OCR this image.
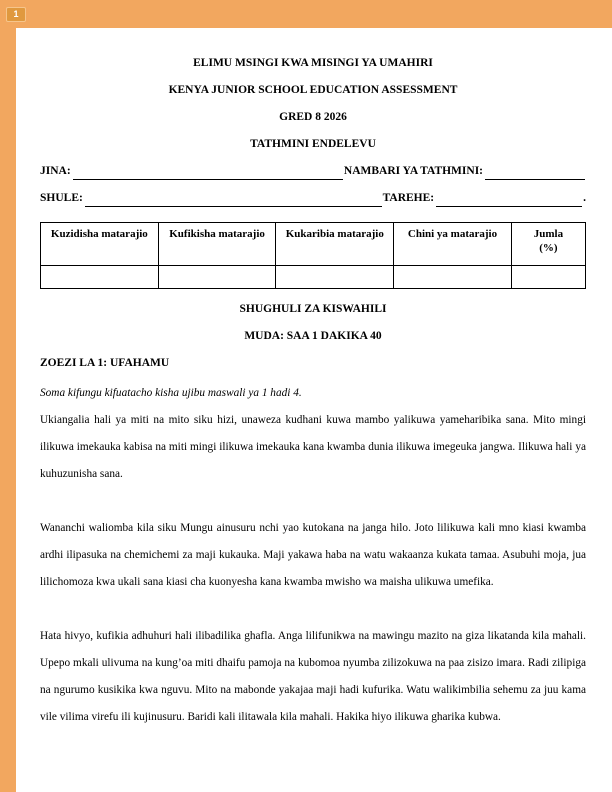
1
ELIMU MSINGI KWA MISINGI YA UMAHIRI
KENYA JUNIOR SCHOOL EDUCATION ASSESSMENT
GRED 8 2026
TATHMINI ENDELEVU
JINA:	NAMBARI YA TATHMINI:
SHULE:	TAREHE:	.
Kuzidisha matarajio	Kufikisha matarajio	Kukaribia matarajio	Chini ya matarajio	Jumla
(%)

SHUGHULI ZA KISWAHILI
MUDA: SAA 1 DAKIKA 40
ZOEZI LA 1: UFAHAMU
Soma kifungu kifuatacho kisha ujibu maswali ya 1 hadi 4.

Ukiangalia hali ya miti na mito siku hizi, unaweza kudhani kuwa mambo yalikuwa yameharibika sana. Mito mingi ilikuwa imekauka kabisa na miti mingi ilikuwa imekauka kana kwamba dunia ilikuwa imegeuka jangwa. Ilikuwa hali ya kuhuzunisha sana.

Wananchi waliomba kila siku Mungu ainusuru nchi yao kutokana na janga hilo. Joto lilikuwa kali mno kiasi kwamba ardhi ilipasuka na chemichemi za maji kukauka. Maji yakawa haba na watu wakaanza kukata tamaa. Asubuhi moja, jua lilichomoza kwa ukali sana kiasi cha kuonyesha kana kwamba mwisho wa maisha ulikuwa umefika.

Hata hivyo, kufikia adhuhuri hali ilibadilika ghafla. Anga lilifunikwa na mawingu mazito na giza likatanda kila mahali. Upepo mkali ulivuma na kung’oa miti dhaifu pamoja na kubomoa nyumba zilizokuwa na paa zisizo imara. Radi zilipiga na ngurumo kusikika kwa nguvu. Mito na mabonde yakajaa maji hadi kufurika. Watu walikimbilia sehemu za juu kama vile vilima virefu ili kujinusuru. Baridi kali ilitawala kila mahali. Hakika hiyo ilikuwa gharika kubwa.
